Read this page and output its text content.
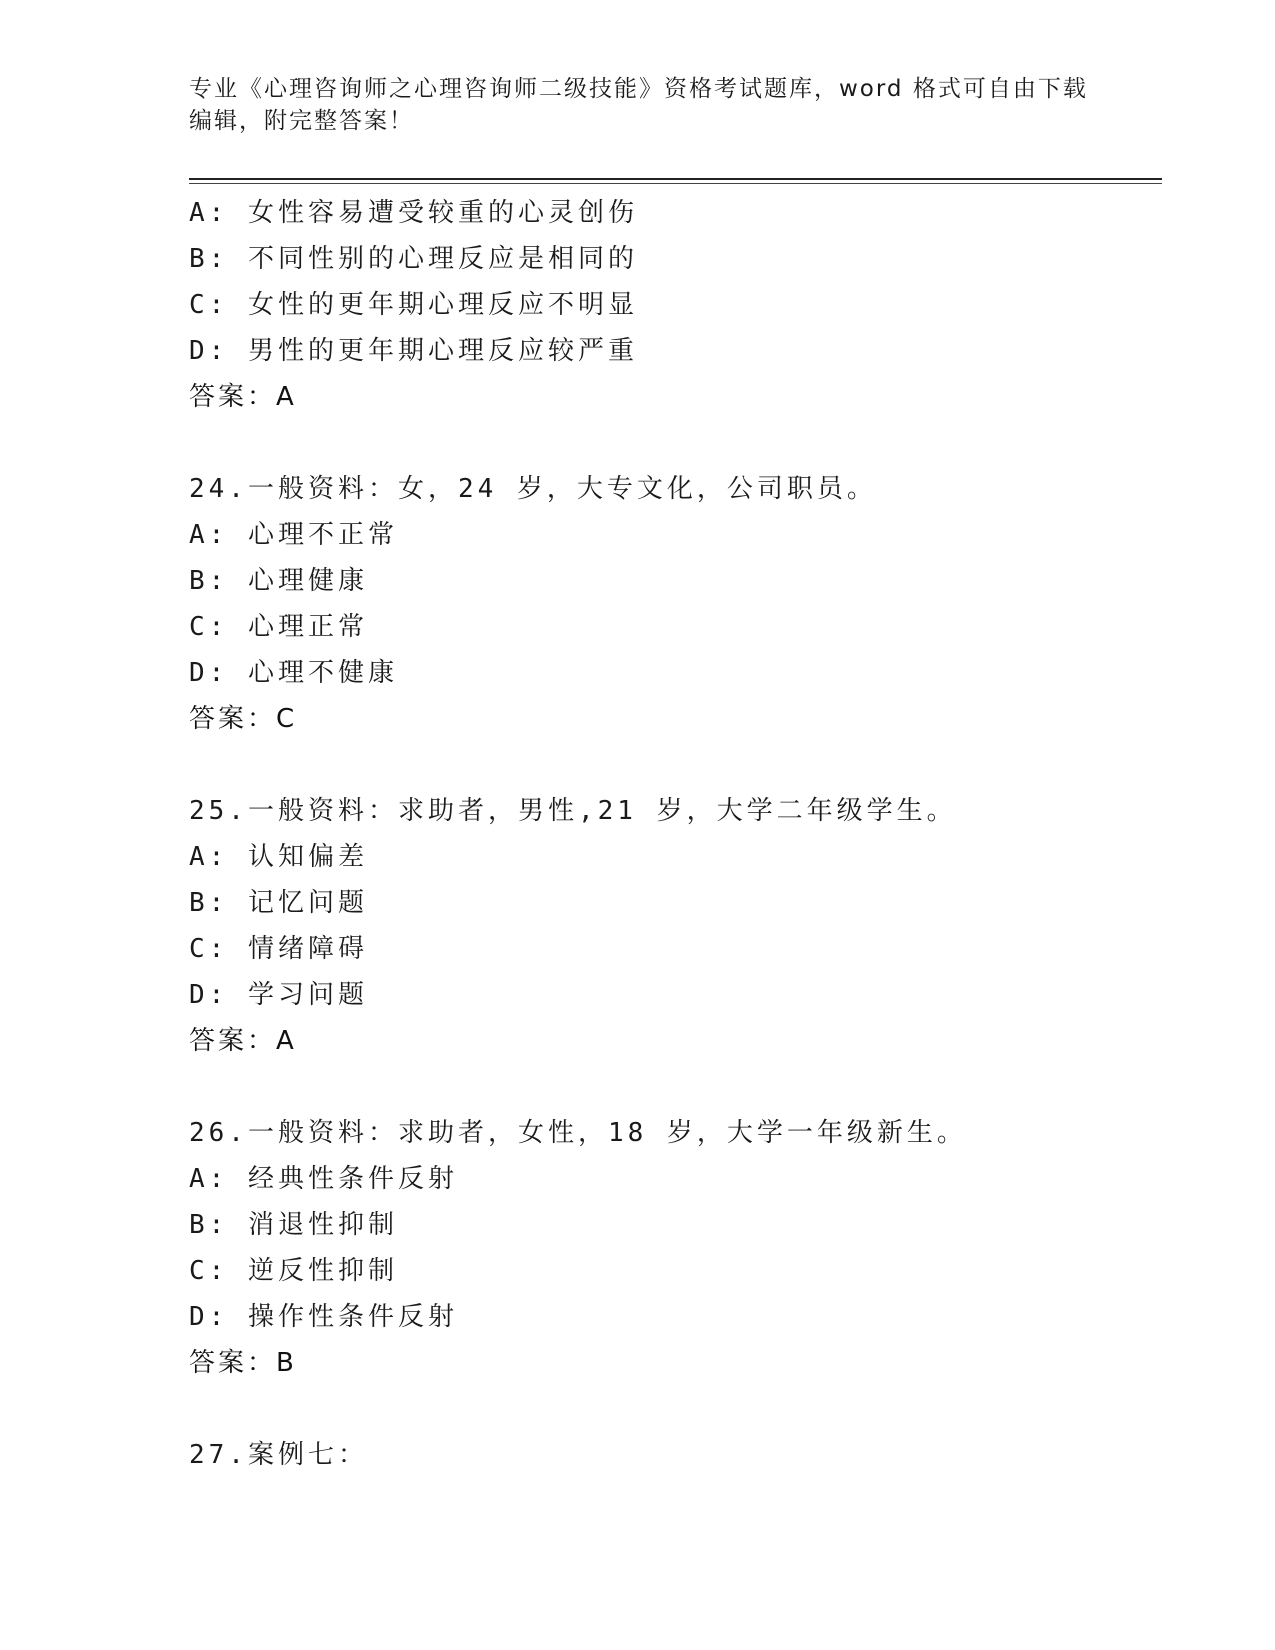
专业《心理咨询师之心理咨询师二级技能》资格考试题库，word 格式可自由下载
编辑，附完整答案！
A: 女性容易遭受较重的心灵创伤
B: 不同性别的心理反应是相同的
C: 女性的更年期心理反应不明显
D: 男性的更年期心理反应较严重
答案：A
24.一般资料：女，24 岁，大专文化，公司职员。
A: 心理不正常
B: 心理健康
C: 心理正常
D: 心理不健康
答案：C
25.一般资料：求助者，男性,21 岁，大学二年级学生。
A: 认知偏差
B: 记忆问题
C: 情绪障碍
D: 学习问题
答案：A
26.一般资料：求助者，女性，18 岁，大学一年级新生。
A: 经典性条件反射
B: 消退性抑制
C: 逆反性抑制
D: 操作性条件反射
答案：B
27.案例七：
